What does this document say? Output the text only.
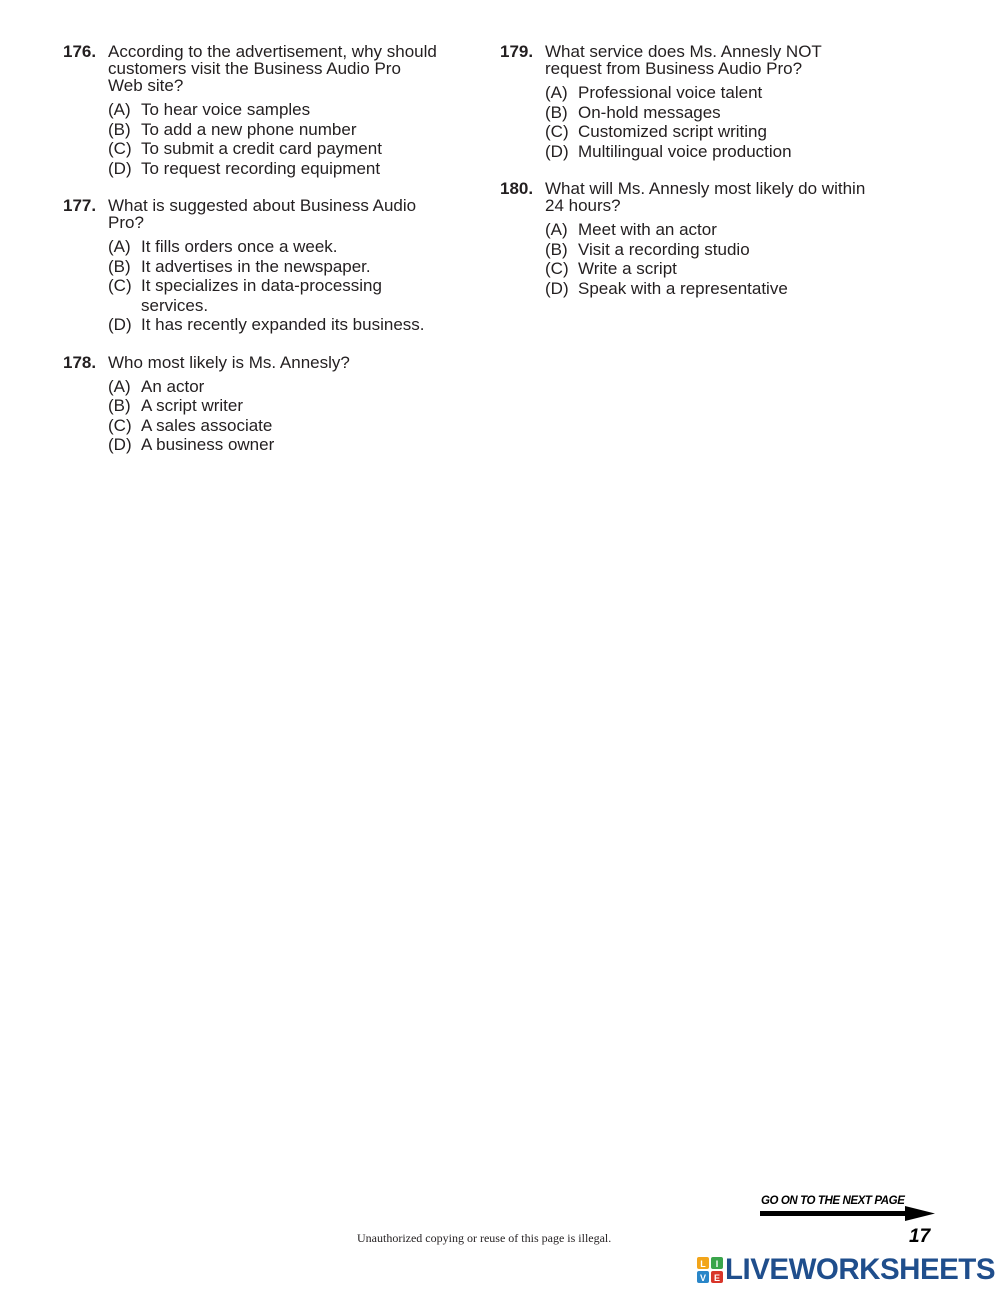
176. According to the advertisement, why should
customers visit the Business Audio Pro
Web site?
(A) To hear voice samples
(B) To add a new phone number
(C) To submit a credit card payment
(D) To request recording equipment
177. What is suggested about Business Audio
Pro?
(A) It fills orders once a week.
(B) It advertises in the newspaper.
(C) It specializes in data-processing
services.
(D) It has recently expanded its business.
178. Who most likely is Ms. Annesly?
(A) An actor
(B) A script writer
(C) A sales associate
(D) A business owner
179. What service does Ms. Annesly NOT
request from Business Audio Pro?
(A) Professional voice talent
(B) On-hold messages
(C) Customized script writing
(D) Multilingual voice production
180. What will Ms. Annesly most likely do within
24 hours?
(A) Meet with an actor
(B) Visit a recording studio
(C) Write a script
(D) Speak with a representative
GO ON TO THE NEXT PAGE
Unauthorized copying or reuse of this page is illegal.	17
L I
V E LIVEWORKSHEETS
